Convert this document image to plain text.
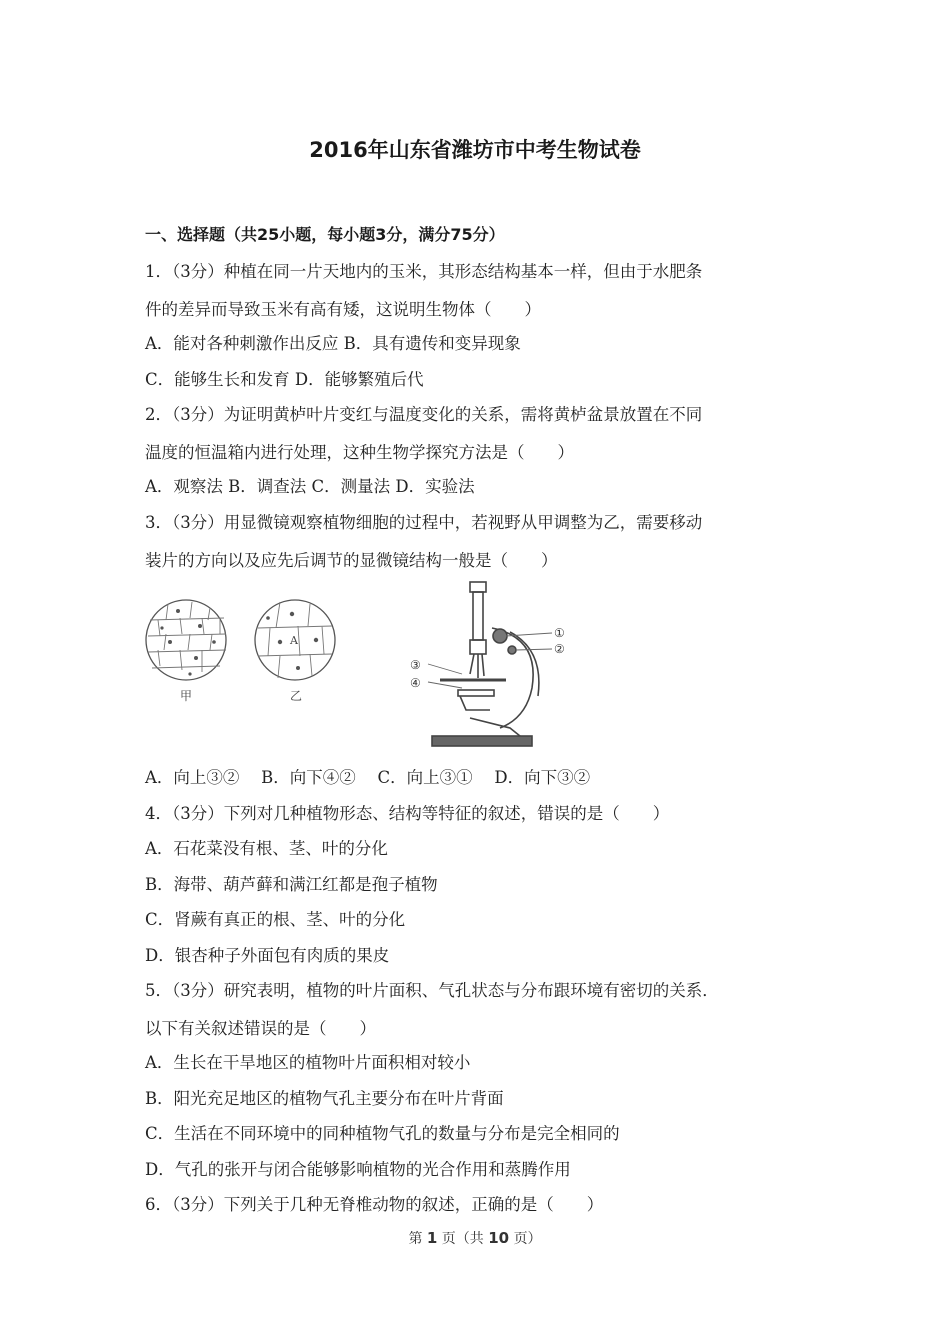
2016年山东省潍坊市中考生物试卷
一、选择题（共25小题，每小题3分，满分75分）
1．（3分）种植在同一片天地内的玉米，其形态结构基本一样，但由于水肥条
件的差异而导致玉米有高有矮，这说明生物体（　　）
A．能对各种刺激作出反应 B．具有遗传和变异现象
C．能够生长和发育 D．能够繁殖后代
2．（3分）为证明黄栌叶片变红与温度变化的关系，需将黄栌盆景放置在不同
温度的恒温箱内进行处理，这种生物学探究方法是（　　）
A．观察法 B．调查法 C．测量法 D．实验法
3．（3分）用显微镜观察植物细胞的过程中，若视野从甲调整为乙，需要移动
装片的方向以及应先后调节的显微镜结构一般是（　　）
甲
A
乙
①
②
③
④
A．向上③②　 B．向下④②　 C．向上③①　 D．向下③②
4．（3分）下列对几种植物形态、结构等特征的叙述，错误的是（　　）
A．石花菜没有根、茎、叶的分化
B．海带、葫芦藓和满江红都是孢子植物
C．肾蕨有真正的根、茎、叶的分化
D．银杏种子外面包有肉质的果皮
5．（3分）研究表明，植物的叶片面积、气孔状态与分布跟环境有密切的关系．
以下有关叙述错误的是（　　）
A．生长在干旱地区的植物叶片面积相对较小
B．阳光充足地区的植物气孔主要分布在叶片背面
C．生活在不同环境中的同种植物气孔的数量与分布是完全相同的
D．气孔的张开与闭合能够影响植物的光合作用和蒸腾作用
6．（3分）下列关于几种无脊椎动物的叙述，正确的是（　　）
第 1 页（共 10 页）
